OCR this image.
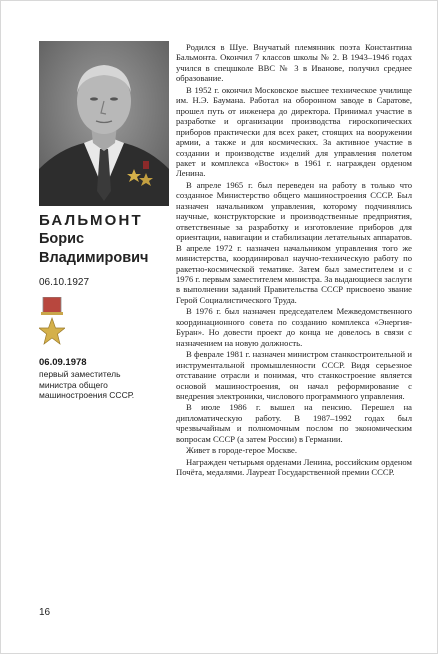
БАЛЬМОНТ
Борис
Владимирович
06.10.1927
06.09.1978
первый заместитель министра общего машиностроения СССР.

Родился в Шуе. Внучатый племянник поэта Константина Бальмонта. Окончил 7 классов школы № 2. В 1943–1946 годах учился в спецшколе ВВС № 3 в Иванове, получил среднее образование.

В 1952 г. окончил Московское высшее техническое училище им. Н.Э. Баумана. Работал на оборонном заводе в Саратове, прошел путь от инженера до директора. Принимал участие в разработке и организации производства гироскопических приборов практически для всех ракет, стоящих на вооружении армии, а также и для космических. За активное участие в создании и производстве изделий для управления полетом ракет и комплекса «Восток» в 1961 г. награжден орденом Ленина.

В апреле 1965 г. был переведен на работу в только что созданное Министерство общего машиностроения СССР. Был назначен начальником управления, которому подчинялись научные, конструкторские и производственные предприятия, ответственные за разработку и изготовление приборов для ориентации, навигации и стабилизации летательных аппаратов. В апреле 1972 г. назначен начальником управления того же министерства, координировал научно-техническую работу по ракетно-космической тематике. Затем был заместителем и с 1976 г. первым заместителем министра. За выдающиеся заслуги в выполнении заданий Правительства СССР присвоено звание Герой Социалистического Труда.

В 1976 г. был назначен председателем Межведомственного координационного совета по созданию комплекса «Энергия-Буран». Но довести проект до конца не довелось в связи с назначением на новую должность.

В феврале 1981 г. назначен министром станкостроительной и инструментальной промышленности СССР. Видя серьезное отставание отрасли и понимая, что станкостроение является основой машиностроения, он начал реформирование с внедрения электроники, числового программного управления.

В июле 1986 г. вышел на пенсию. Перешел на дипломатическую работу. В 1987–1992 годах был чрезвычайным и полномочным послом по экономическим вопросам СССР (а затем России) в Германии.

Живет в городе-герое Москве.

Награжден четырьмя орденами Ленина, российским орденом Почёта, медалями. Лауреат Государственной премии СССР.

16
